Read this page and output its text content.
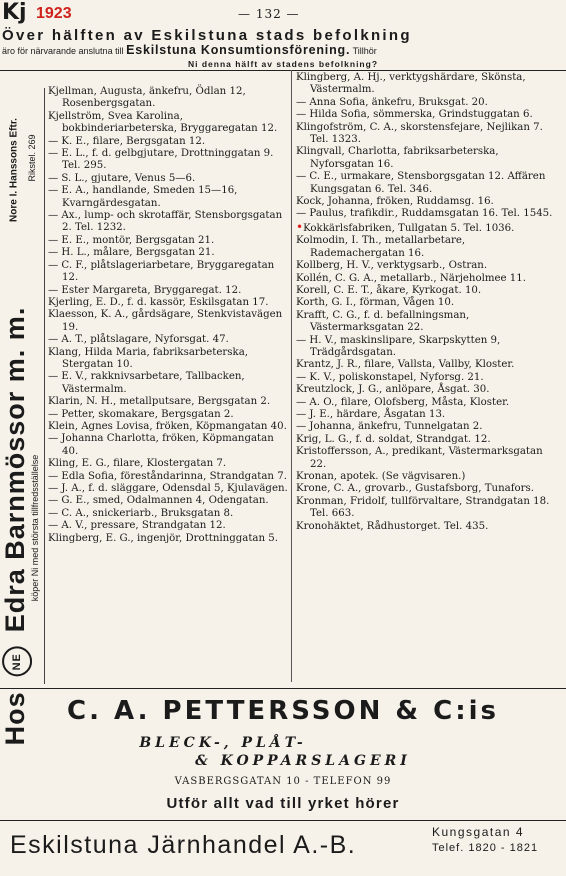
Kj 1923	— 132 —
Över hälften av Eskilstuna stads befolkning
äro för närvarande anslutna till Eskilstuna Konsumtionsförening. Tillhör
Ni denna hälft av stadens befolkning?
Hos NE Edra Barnmössor m. m. köper Ni med största tillfredsställelse
Nore I. Hanssons Eftr. Rikstel. 269

Kjellman, Augusta, änkefru, Ödlan 12, Rosenbergsgatan.

Kjellström, Svea Karolina, bokbinderiarbeterska, Bryggaregatan 12.

— K. E., filare, Bergsgatan 12.

— E. L., f. d. gelbgjutare, Drottninggatan 9. Tel. 295.

— S. L., gjutare, Venus 5—6.

— E. A., handlande, Smeden 15—16, Kvarngärdesgatan.

— Ax., lump- och skrotaffär, Stensborgsgatan 2. Tel. 1232.

— E. E., montör, Bergsgatan 21.

— H. L., målare, Bergsgatan 21.

— C. F., plåtslageriarbetare, Bryggaregatan 12.

— Ester Margareta, Bryggaregat. 12.

Kjerling, E. D., f. d. kassör, Eskilsgatan 17.

Klaesson, K. A., gårdsägare, Stenkvistavägen 19.

— A. T., plåtslagare, Nyforsgat. 47.

Klang, Hilda Maria, fabriksarbeterska, Stergatan 10.

— E. V., rakknivsarbetare, Tallbacken, Västermalm.

Klarin, N. H., metallputsare, Bergsgatan 2.

— Petter, skomakare, Bergsgatan 2.

Klein, Agnes Lovisa, fröken, Köpmangatan 40.

— Johanna Charlotta, fröken, Köpmangatan 40.

Kling, E. G., filare, Klostergatan 7.

— Edla Sofia, föreståndarinna, Strandgatan 7.

— J. A., f. d. släggare, Odensdal 5, Kjulavägen.

— G. E., smed, Odalmannen 4, Odengatan.

— C. A., snickeriarb., Bruksgatan 8.

— A. V., pressare, Strandgatan 12.

Klingberg, E. G., ingenjör, Drottninggatan 5.

Klingberg, A. Hj., verktygshärdare, Skönsta, Västermalm.

— Anna Sofia, änkefru, Bruksgat. 20.

— Hilda Sofia, sömmerska, Grindstuggatan 6.

Klingofström, C. A., skorstensfejare, Nejlikan 7. Tel. 1323.

Klingvall, Charlotta, fabriksarbeterska, Nyforsgatan 16.

— C. E., urmakare, Stensborgsgatan 12. Affären Kungsgatan 6. Tel. 346.

Kock, Johanna, fröken, Ruddamsg. 16.

— Paulus, trafikdir., Ruddamsgatan 16. Tel. 1545.

•Kokkärlsfabriken, Tullgatan 5. Tel. 1036.

Kolmodin, I. Th., metallarbetare, Rademachergatan 16.

Kollberg, H. V., verktygsarb., Ostran.

Kollén, C. G. A., metallarb., Närjeholmee 11.

Korell, C. E. T., åkare, Kyrkogat. 10.

Korth, G. I., förman, Vågen 10.

Krafft, C. G., f. d. befallningsman, Västermarksgatan 22.

— H. V., maskinslipare, Skarpskytten 9, Trädgårdsgatan.

Krantz, J. R., filare, Vallsta, Vallby, Kloster.

— K. V., poliskonstapel, Nyforsg. 21.

Kreutzlock, J. G., anlöpare, Åsgat. 30.

— A. O., filare, Olofsberg, Måsta, Kloster.

— J. E., härdare, Åsgatan 13.

— Johanna, änkefru, Tunnelgatan 2.

Krig, L. G., f. d. soldat, Strandgat. 12.

Kristoffersson, A., predikant, Västermarksgatan 22.

Kronan, apotek. (Se vägvisaren.)

Krone, C. A., grovarb., Gustafsborg, Tunafors.

Kronman, Fridolf, tullförvaltare, Strandgatan 18. Tel. 663.

Kronohäktet, Rådhustorget. Tel. 435.

C. A. PETTERSSON & C:is
BLECK-, PLÅT-
& KOPPARSLAGERI
VASBERGSGATAN 10 - TELEFON 99
Utför allt vad till yrket hörer
Eskilstuna Järnhandel A.-B.	Kungsgatan 4
Telef. 1820 - 1821
